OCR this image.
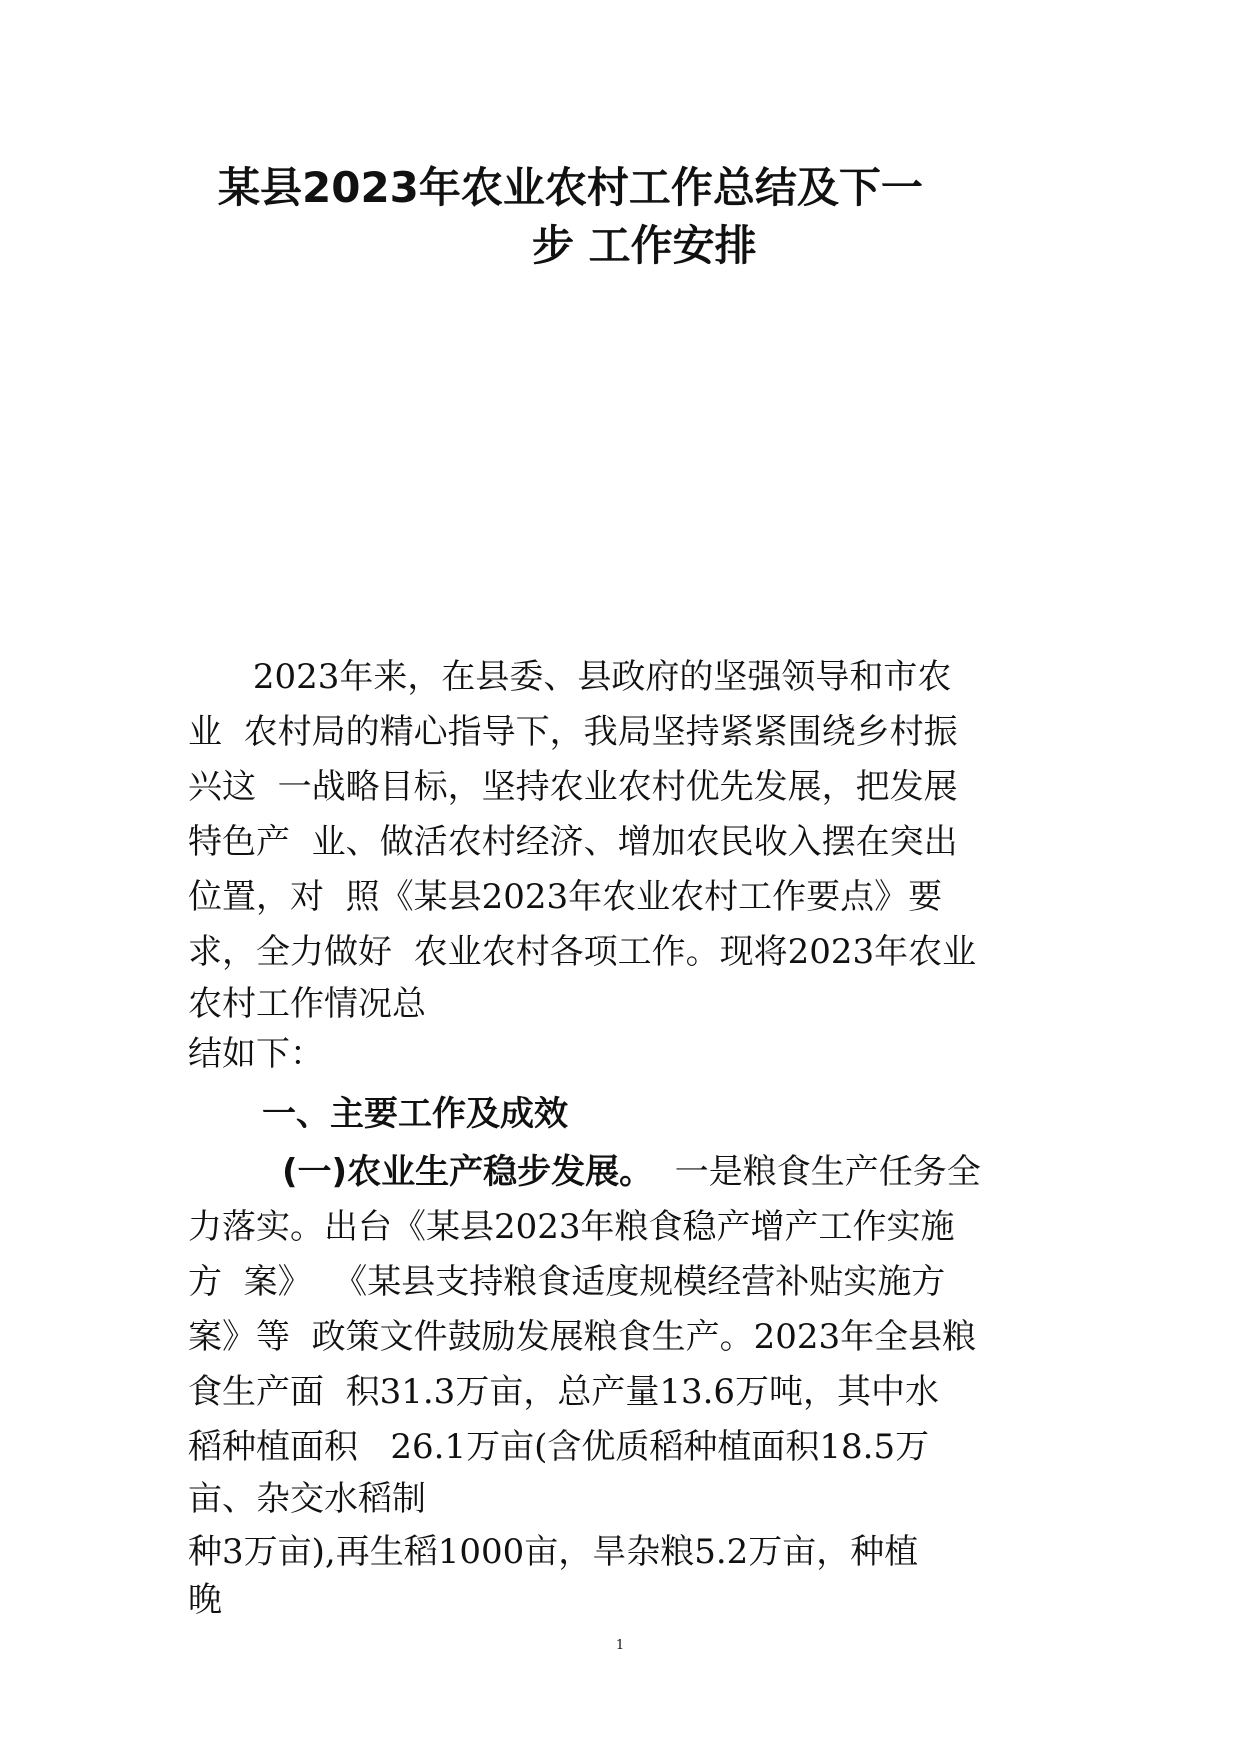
某县2023年农业农村工作总结及下一
步 工作安排

2023年来，在县委、县政府的坚强领导和市农

业  农村局的精心指导下，我局坚持紧紧围绕乡村振

兴这  一战略目标，坚持农业农村优先发展，把发展

特色产  业、做活农村经济、增加农民收入摆在突出

位置，对  照《某县2023年农业农村工作要点》要

求，全力做好  农业农村各项工作。现将2023年农业

农村工作情况总

结如下：

一、主要工作及成效

(一)农业生产稳步发展。  一是粮食生产任务全

力落实。出台《某县2023年粮食稳产增产工作实施

方  案》  《某县支持粮食适度规模经营补贴实施方

案》等  政策文件鼓励发展粮食生产。2023年全县粮

食生产面  积31.3万亩，总产量13.6万吨，其中水

稻种植面积   26.1万亩(含优质稻种植面积18.5万

亩、杂交水稻制

种3万亩),再生稻1000亩，旱杂粮5.2万亩，种植

晚

1
